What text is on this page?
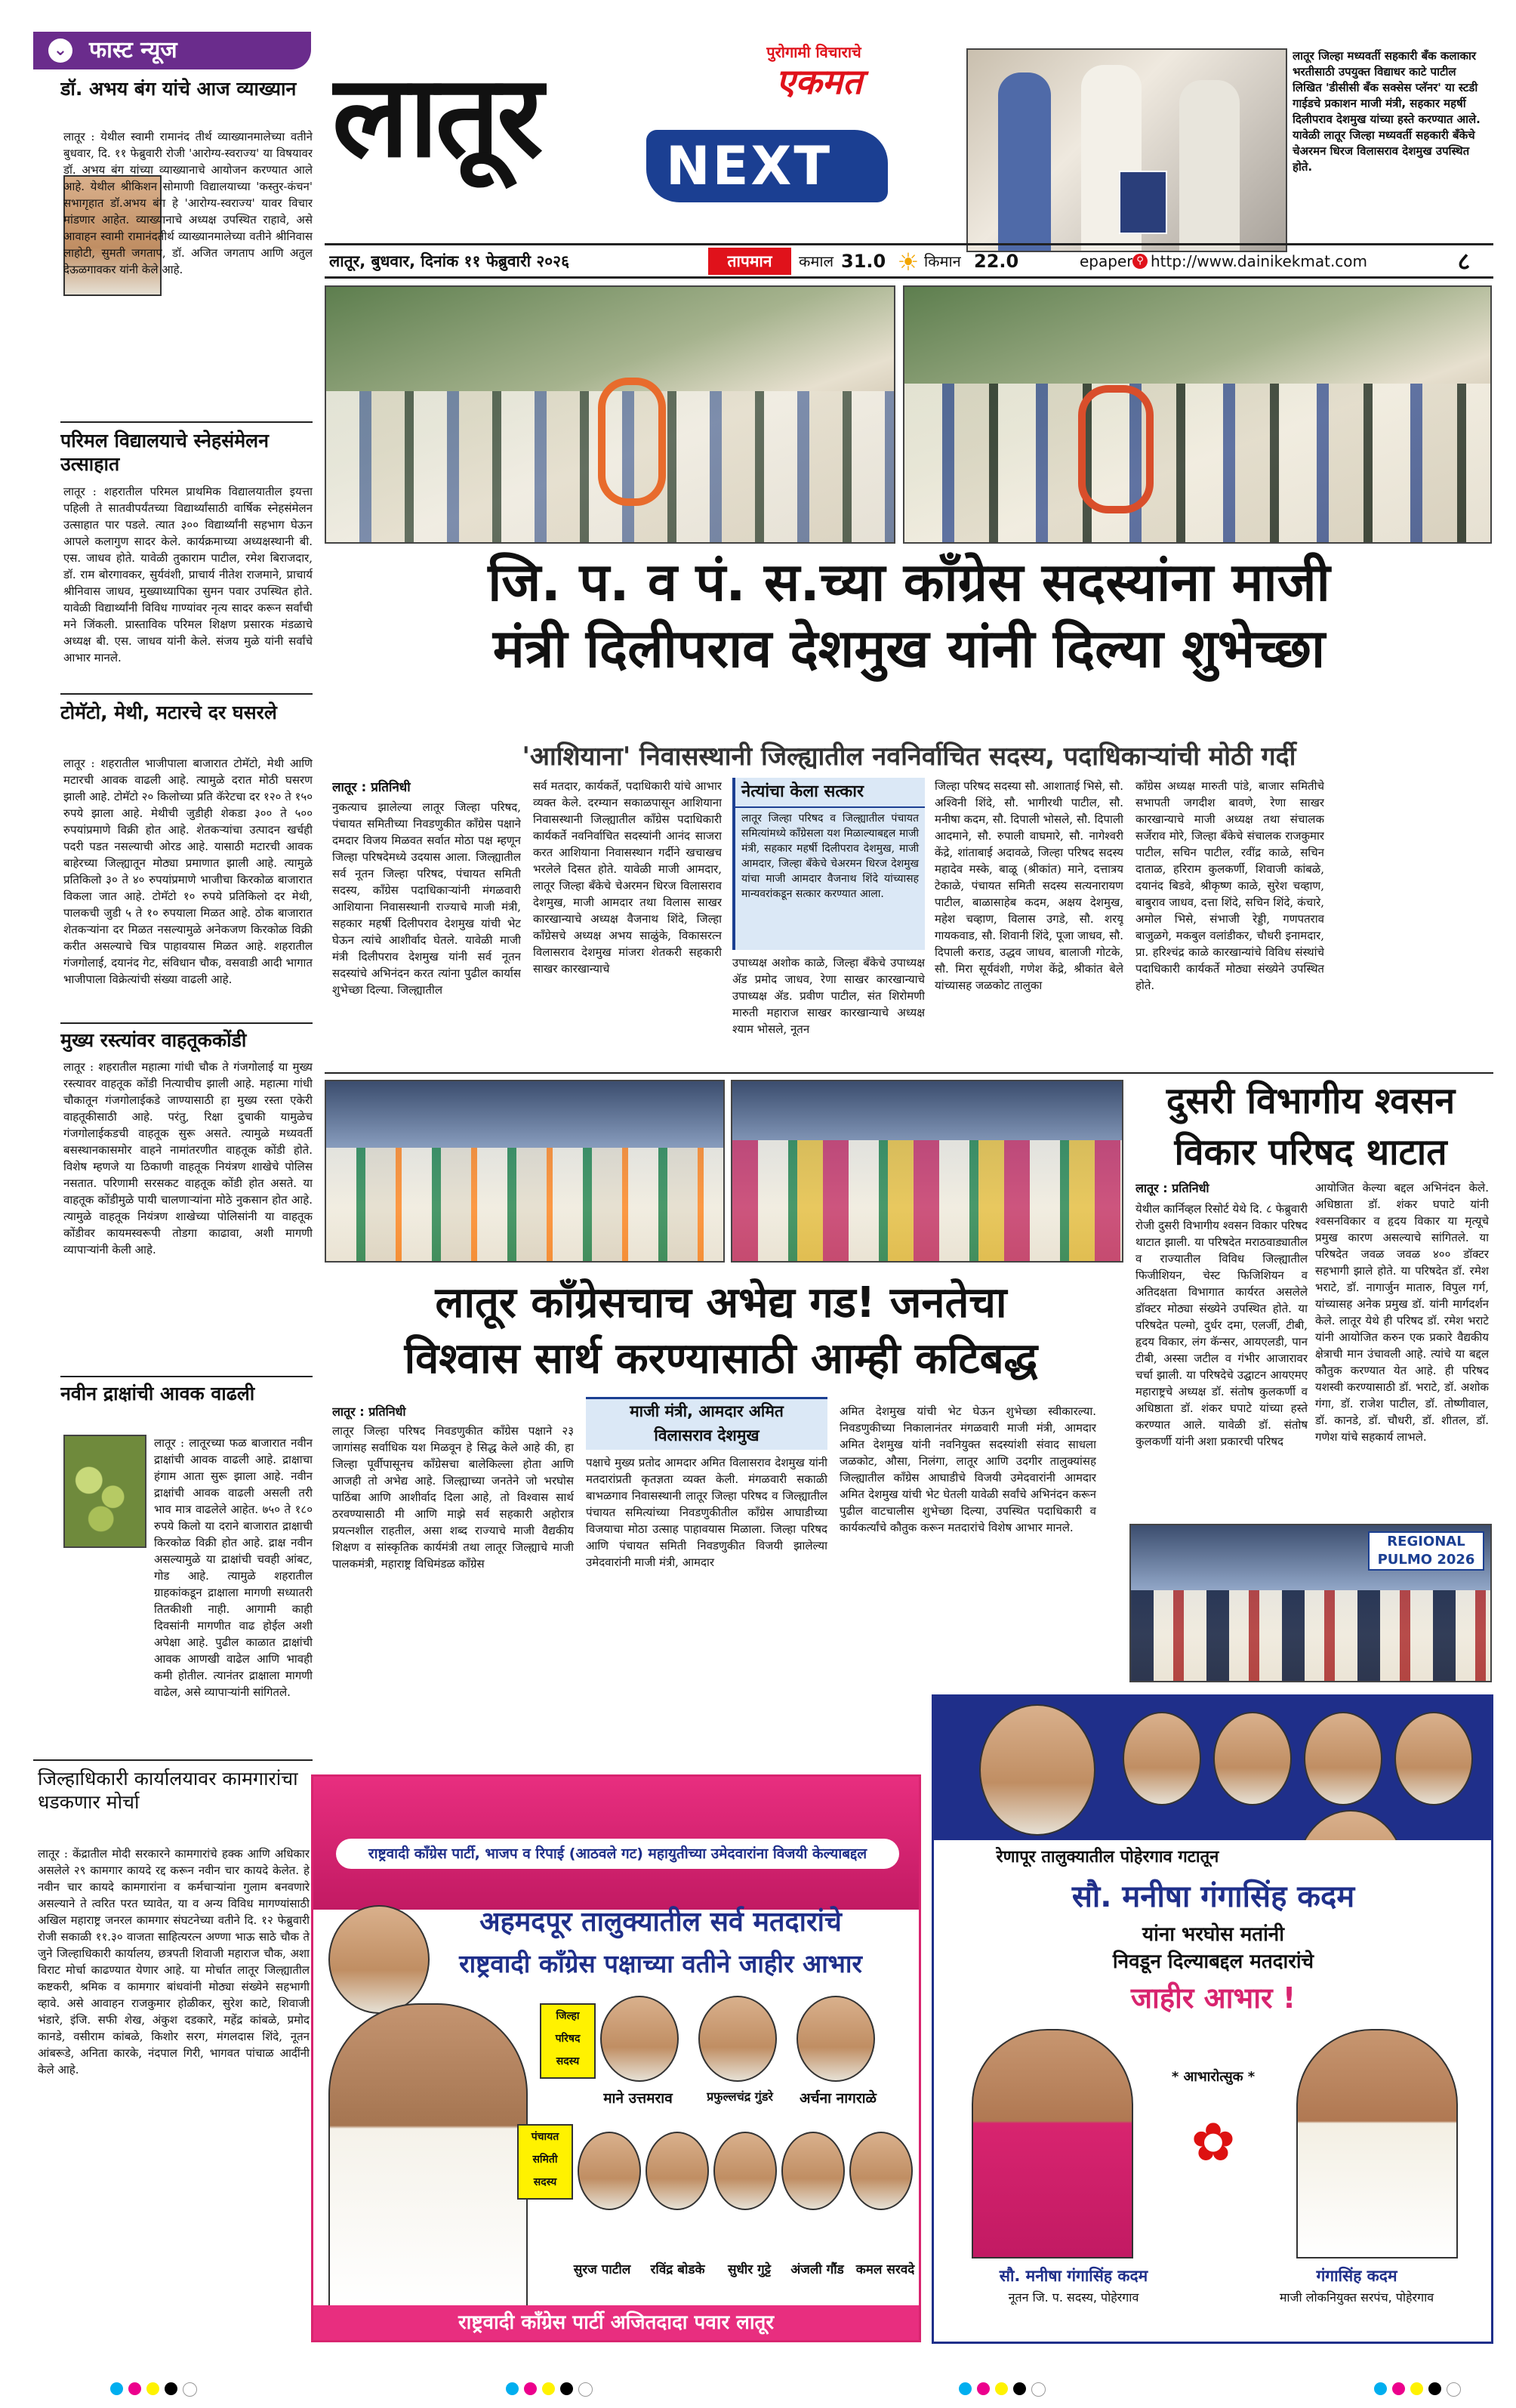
⌄ फास्ट न्यूज
डॉ. अभय बंग यांचे आज व्याख्यान
लातूर : येथील स्वामी रामानंद तीर्थ व्याख्यानमालेच्या वतीने बुधवार, दि. ११ फेब्रुवारी रोजी 'आरोग्य-स्वराज्य' या विषयावर डॉ. अभय बंग यांच्या व्याख्यानाचे आयोजन करण्यात आले आहे. येथील श्रीकिशन सोमाणी विद्यालयाच्या 'कस्तुर-कंचन' सभागृहात डॉ.अभय बंग हे 'आरोग्य-स्वराज्य' यावर विचार मांडणार आहेत. व्याख्यानाचे अध्यक्ष उपस्थित राहावे, असे आवाहन स्वामी रामानंदतीर्थ व्याख्यानमालेच्या वतीने श्रीनिवास लाहोटी, सुमती जगताप, डॉ. अजित जगताप आणि अतुल देऊळगावकर यांनी केले आहे.
परिमल विद्यालयाचे स्नेहसंमेलन उत्साहात
लातूर : शहरातील परिमल प्राथमिक विद्यालयातील इयत्ता पहिली ते सातवीपर्यंतच्या विद्यार्थ्यांसाठी वार्षिक स्नेहसंमेलन उत्साहात पार पडले. त्यात ३०० विद्यार्थ्यांनी सहभाग घेऊन आपले कलागुण सादर केले. कार्यक्रमाच्या अध्यक्षस्थानी बी. एस. जाधव होते. यावेळी तुकाराम पाटील, रमेश बिराजदार, डॉ. राम बोरगावकर, सुर्यवंशी, प्राचार्य नीतेश राजमाने, प्राचार्य श्रीनिवास जाधव, मुख्याध्यापिका सुमन पवार उपस्थित होते. यावेळी विद्यार्थ्यांनी विविध गाण्यांवर नृत्य सादर करून सर्वांची मने जिंकली. प्रास्ताविक परिमल शिक्षण प्रसारक मंडळाचे अध्यक्ष बी. एस. जाधव यांनी केले. संजय मुळे यांनी सर्वांचे आभार मानले.
टोमॅटो, मेथी, मटारचे दर घसरले
लातूर : शहरातील भाजीपाला बाजारात टोमॅटो, मेथी आणि मटारची आवक वाढली आहे. त्यामुळे दरात मोठी घसरण झाली आहे. टोमॅटो २० किलोच्या प्रति कॅरेटचा दर १२० ते १५० रुपये झाला आहे. मेथीची जुडीही शेकडा ३०० ते ५०० रुपयांप्रमाणे विक्री होत आहे. शेतकऱ्यांचा उत्पादन खर्चही पदरी पडत नसल्याची ओरड आहे. यासाठी मटारची आवक बाहेरच्या जिल्ह्यातून मोठ्या प्रमाणात झाली आहे. त्यामुळे प्रतिकिलो ३० ते ४० रुपयांप्रमाणे भाजीचा किरकोळ बाजारात विकला जात आहे. टोमॅटो १० रुपये प्रतिकिलो दर मेथी, पालकची जुडी ५ ते १० रुपयाला मिळत आहे. ठोक बाजारात शेतकऱ्यांना दर मिळत नसल्यामुळे अनेकजण किरकोळ विक्री करीत असल्याचे चित्र पाहावयास मिळत आहे. शहरातील गंजगोलाई, दयानंद गेट, संविधान चौक, वसवाडी आदी भागात भाजीपाला विक्रेत्यांची संख्या वाढली आहे.
मुख्य रस्त्यांवर वाहतूककोंडी
लातूर : शहरातील महात्मा गांधी चौक ते गंजगोलाई या मुख्य रस्त्यावर वाहतूक कोंडी नित्याचीच झाली आहे. महात्मा गांधी चौकातून गंजगोलाईकडे जाण्यासाठी हा मुख्य रस्ता एकेरी वाहतूकीसाठी आहे. परंतु, रिक्षा दुचाकी यामुळेच गंजगोलाईकडची वाहतूक सुरू असते. त्यामुळे मध्यवर्ती बसस्थानकासमोर वाहने नामांतरणीत वाहतूक कोंडी होते. विशेष म्हणजे या ठिकाणी वाहतूक नियंत्रण शाखेचे पोलिस नसतात. परिणामी सरसकट वाहतूक कोंडी होत असते. या वाहतूक कोंडीमुळे पायी चालणाऱ्यांना मोठे नुकसान होत आहे. त्यामुळे वाहतूक नियंत्रण शाखेच्या पोलिसांनी या वाहतूक कोंडीवर कायमस्वरूपी तोडगा काढावा, अशी मागणी व्यापाऱ्यांनी केली आहे.
नवीन द्राक्षांची आवक वाढली
लातूर : लातूरच्या फळ बाजारात नवीन द्राक्षांची आवक वाढली आहे. द्राक्षाचा हंगाम आता सुरू झाला आहे. नवीन द्राक्षांची आवक वाढली असली तरी भाव मात्र वाढलेले आहेत. ७५० ते १८० रुपये किलो या दराने बाजारात द्राक्षाची किरकोळ विक्री होत आहे. द्राक्ष नवीन असल्यामुळे या द्राक्षांची चवही आंबट, गोड आहे. त्यामुळे शहरातील ग्राहकांकडून द्राक्षाला मागणी सध्यातरी तितकीशी नाही. आगामी काही दिवसांनी मागणीत वाढ होईल अशी अपेक्षा आहे. पुढील काळात द्राक्षांची आवक आणखी वाढेल आणि भावही कमी होतील. त्यानंतर द्राक्षाला मागणी वाढेल, असे व्यापाऱ्यांनी सांगितले.
जिल्हाधिकारी कार्यालयावर कामगारांचा धडकणार मोर्चा
लातूर : केंद्रातील मोदी सरकारने कामगारांचे हक्क आणि अधिकार असलेले २९ कामगार कायदे रद्द करून नवीन चार कायदे केलेत. हे नवीन चार कायदे कामगारांना व कर्मचाऱ्यांना गुलाम बनवणारे असल्याने ते त्वरित परत घ्यावेत, या व अन्य विविध मागण्यांसाठी अखिल महाराष्ट्र जनरल कामगार संघटनेच्या वतीने दि. १२ फेब्रुवारी रोजी सकाळी ११.३० वाजता साहित्यरत्न अण्णा भाऊ साठे चौक ते जुने जिल्हाधिकारी कार्यालय, छत्रपती शिवाजी महाराज चौक, अशा विराट मोर्चा काढण्यात येणार आहे. या मोर्चात लातूर जिल्ह्यातील कष्टकरी, श्रमिक व कामगार बांधवांनी मोठ्या संख्येने सहभागी व्हावे. असे आवाहन राजकुमार होळीकर, सुरेश काटे, शिवाजी भंडारे, इंजि. सफी शेख, अंकुश दडकारे, महेंद्र कांबळे, प्रमोद कानडे, वसीराम कांबळे, किशोर सरग, मंगलदास शिंदे, नूतन आंबरूडे, अनिता कारके, नंदपाल गिरी, भागवत पांचाळ आदींनी केले आहे.
लातूर	पुरोगामी विचाराचे
एकमत
NEXT
लातूर जिल्हा मध्यवर्ती सहकारी बँक कलाकार भरतीसाठी उपयुक्त विद्याधर काटे पाटील लिखित 'डीसीसी बँक सक्सेस प्लॅनर' या स्टडी गाईडचे प्रकाशन माजी मंत्री, सहकार महर्षी दिलीपराव देशमुख यांच्या हस्ते करण्यात आले. यावेळी लातूर जिल्हा मध्यवर्ती सहकारी बँकेचे चेअरमन धिरज विलासराव देशमुख उपस्थित होते.
लातूर, बुधवार, दिनांक ११ फेब्रुवारी २०२६	तापमान	कमाल 31.0 ☀ किमान 22.0	epaper ⚲ http://www.dainikekmat.com	८
जि. प. व पं. स.च्या काँग्रेस सदस्यांना माजी
मंत्री दिलीपराव देशमुख यांनी दिल्या शुभेच्छा
'आशियाना' निवासस्थानी जिल्ह्यातील नवनिर्वाचित सदस्य, पदाधिकाऱ्यांची मोठी गर्दी
लातूर : प्रतिनिधी
नुकत्याच झालेल्या लातूर जिल्हा परिषद, पंचायत समितीच्या निवडणुकीत काँग्रेस पक्षाने दमदार विजय मिळवत सर्वात मोठा पक्ष म्हणून जिल्हा परिषदेमध्ये उदयास आला. जिल्ह्यातील सर्व नूतन जिल्हा परिषद, पंचायत समिती सदस्य, काँग्रेस पदाधिकाऱ्यांनी मंगळवारी आशियाना निवासस्थानी राज्याचे माजी मंत्री, सहकार महर्षी दिलीपराव देशमुख यांची भेट घेऊन त्यांचे आशीर्वाद घेतले. यावेळी माजी मंत्री दिलीपराव देशमुख यांनी सर्व नूतन सदस्यांचे अभिनंदन करत त्यांना पुढील कार्यास शुभेच्छा दिल्या. जिल्ह्यातील
सर्व मतदार, कार्यकर्ते, पदाधिकारी यांचे आभार व्यक्त केले. दरम्यान सकाळपासून आशियाना निवासस्थानी जिल्ह्यातील काँग्रेस पदाधिकारी कार्यकर्ते नवनिर्वाचित सदस्यांनी आनंद साजरा करत आशियाना निवासस्थान गर्दीने खचाखच भरलेले दिसत होते. यावेळी माजी आमदार, लातूर जिल्हा बँकेचे चेअरमन धिरज विलासराव देशमुख, माजी आमदार तथा विलास साखर कारखान्याचे अध्यक्ष वैजनाथ शिंदे, जिल्हा काँग्रेसचे अध्यक्ष अभय साळुंके, विकासरत्न विलासराव देशमुख मांजरा शेतकरी सहकारी साखर कारखान्याचे
नेत्यांचा केला सत्कार
लातूर जिल्हा परिषद व जिल्ह्यातील पंचायत समित्यांमध्ये काँग्रेसला यश मिळाल्याबद्दल माजी मंत्री, सहकार महर्षी दिलीपराव देशमुख, माजी आमदार, जिल्हा बँकेचे चेअरमन धिरज देशमुख यांचा माजी आमदार वैजनाथ शिंदे यांच्यासह मान्यवरांकडून सत्कार करण्यात आला.
उपाध्यक्ष अशोक काळे, जिल्हा बँकेचे उपाध्यक्ष ॲड प्रमोद जाधव, रेणा साखर कारखान्याचे उपाध्यक्ष ॲड. प्रवीण पाटील, संत शिरोमणी मारुती महाराज साखर कारखान्याचे अध्यक्ष श्याम भोसले, नूतन
जिल्हा परिषद सदस्या सौ. आशाताई भिसे, सौ. अश्विनी शिंदे, सौ. भागीरथी पाटील, सौ. मनीषा कदम, सौ. दिपाली भोसले, सौ. दिपाली आदमाने, सौ. रुपाली वाघमारे, सौ. नागेश्वरी केंद्रे, शांताबाई अदावळे, जिल्हा परिषद सदस्य महादेव मस्के, बाळू (श्रीकांत) माने, दत्तात्रय टेकाळे, पंचायत समिती सदस्य सत्यनारायण पाटील, बाळासाहेब कदम, अक्षय देशमुख, महेश चव्हाण, विलास उगडे, सौ. शरयू गायकवाड, सौ. शिवानी शिंदे, पूजा जाधव, सौ. दिपाली कराड, उद्धव जाधव, बालाजी गोटके, सौ. मिरा सूर्यवंशी, गणेश केंद्रे, श्रीकांत बेले यांच्यासह जळकोट तालुका
काँग्रेस अध्यक्ष मारुती पांडे, बाजार समितीचे सभापती जगदीश बावणे, रेणा साखर कारखान्याचे माजी अध्यक्ष तथा संचालक सर्जेराव मोरे, जिल्हा बँकेचे संचालक राजकुमार पाटील, सचिन पाटील, रवींद्र काळे, सचिन दाताळ, हरिराम कुलकर्णी, शिवाजी कांबळे, दयानंद बिडवे, श्रीकृष्ण काळे, सुरेश चव्हाण, बाबुराव जाधव, दत्ता शिंदे, सचिन शिंदे, कंचारे, अमोल भिसे, संभाजी रेड्डी, गणपतराव बाजुळगे, मकबुल वलांडीकर, चौधरी इनामदार, प्रा. हरिश्चंद्र काळे कारखान्यांचे विविध संस्थांचे पदाधिकारी कार्यकर्ते मोठ्या संख्येने उपस्थित होते.
लातूर काँग्रेसचाच अभेद्य गड! जनतेचा
विश्वास सार्थ करण्यासाठी आम्ही कटिबद्ध
लातूर : प्रतिनिधी
लातूर जिल्हा परिषद निवडणुकीत काँग्रेस पक्षाने २३ जागांसह सर्वाधिक यश मिळवून हे सिद्ध केले आहे की, हा जिल्हा पूर्वीपासूनच काँग्रेसचा बालेकिल्ला होता आणि आजही तो अभेद्य आहे. जिल्ह्याच्या जनतेने जो भरघोस पाठिंबा आणि आशीर्वाद दिला आहे, तो विश्वास सार्थ ठरवण्यासाठी मी आणि माझे सर्व सहकारी अहोरात्र प्रयत्नशील राहतील, असा शब्द राज्याचे माजी वैद्यकीय शिक्षण व सांस्कृतिक कार्यमंत्री तथा लातूर जिल्ह्याचे माजी पालकमंत्री, महाराष्ट्र विधिमंडळ काँग्रेस
माजी मंत्री, आमदार अमित
विलासराव देशमुख
पक्षाचे मुख्य प्रतोद आमदार अमित विलासराव देशमुख यांनी मतदारांप्रती कृतज्ञता व्यक्त केली. मंगळवारी सकाळी बाभळगाव निवासस्थानी लातूर जिल्हा परिषद व जिल्ह्यातील पंचायत समित्यांच्या निवडणुकीतील काँग्रेस आघाडीच्या विजयाचा मोठा उत्साह पाहावयास मिळाला. जिल्हा परिषद आणि पंचायत समिती निवडणुकीत विजयी झालेल्या उमेदवारांनी माजी मंत्री, आमदार
अमित देशमुख यांची भेट घेऊन शुभेच्छा स्वीकारल्या. निवडणुकीच्या निकालानंतर मंगळवारी माजी मंत्री, आमदार अमित देशमुख यांनी नवनियुक्त सदस्यांशी संवाद साधला जळकोट, औसा, निलंगा, लातूर आणि उदगीर तालुक्यांसह जिल्ह्यातील काँग्रेस आघाडीचे विजयी उमेदवारांनी आमदार अमित देशमुख यांची भेट घेतली यावेळी सर्वांचे अभिनंदन करून पुढील वाटचालीस शुभेच्छा दिल्या, उपस्थित पदाधिकारी व कार्यकर्त्यांचे कौतुक करून मतदारांचे विशेष आभार मानले.
दुसरी विभागीय श्वसन
विकार परिषद थाटात
लातूर : प्रतिनिधी
येथील कार्निव्हल रिसोर्ट येथे दि. ८ फेब्रुवारी रोजी दुसरी विभागीय श्वसन विकार परिषद थाटात झाली. या परिषदेत मराठवाड्यातील व राज्यातील विविध जिल्ह्यातील फिजीशियन, चेस्ट फिजिशियन व अतिदक्षता विभागात कार्यरत असलेले डॉक्टर मोठ्या संख्येने उपस्थित होते. या परिषदेत पल्मो, दुर्धर दमा, एलर्जी, टीबी, हृदय विकार, लंग कॅन्सर, आयएलडी, पान टीबी, अस्सा जटील व गंभीर आजारावर चर्चा झाली. या परिषदेचे उद्घाटन आयएमए महाराष्ट्रचे अध्यक्ष डॉ. संतोष कुलकर्णी व अधिष्ठाता डॉ. शंकर घपाटे यांच्या हस्ते करण्यात आले. यावेळी डॉ. संतोष कुलकर्णी यांनी अशा प्रकारची परिषद
आयोजित केल्या बद्दल अभिनंदन केले. अधिष्ठाता डॉ. शंकर घपाटे यांनी श्वसनविकार व हृदय विकार या मृत्यूचे प्रमुख कारण असल्याचे सांगितले. या परिषदेत जवळ जवळ ४०० डॉक्टर सहभागी झाले होते. या परिषदेत डॉ. रमेश भराटे, डॉ. नागार्जुन मातारु, विपुल गर्ग, यांच्यासह अनेक प्रमुख डॉ. यांनी मार्गदर्शन केले. लातूर येथे ही परिषद डॉ. रमेश भराटे यांनी आयोजित करुन एक प्रकारे वैद्यकीय क्षेत्राची मान उंचावली आहे. त्यांचे या बद्दल कौतुक करण्यात येत आहे. ही परिषद यशस्वी करण्यासाठी डॉ. भराटे, डॉ. अशोक गंगा, डॉ. राजेश पाटील, डॉ. तोष्णीवाल, डॉ. कानडे, डॉ. चौधरी, डॉ. शीतल, डॉ. गणेश यांचे सहकार्य लाभले.
REGIONAL PULMO 2026
राष्ट्रवादी काँग्रेस पार्टी, भाजप व रिपाई (आठवले गट) महायुतीच्या उमेदवारांना विजयी केल्याबद्दल
अहमदपूर तालुक्यातील सर्व मतदारांचे
राष्ट्रवादी काँग्रेस पक्षाच्या वतीने जाहीर आभार
जिल्हा
परिषद
सदस्य
माने उत्तमराव	प्रफुल्लचंद्र गुंडरे	अर्चना नागराळे
पंचायत
समिती
सदस्य
सुरज पाटील	रविंद्र बोडके	सुधीर गुट्टे	अंजली गौंड कमल सरवदे
राष्ट्रवादी काँग्रेस पार्टी अजितदादा पवार लातूर
रेणापूर तालुक्यातील पोहेरगाव गटातून
सौ. मनीषा गंगासिंह कदम
यांना भरघोस मतांनी
निवडून दिल्याबद्दल मतदारांचे
जाहीर आभार !
* आभारोत्सुक *
✿
सौ. मनीषा गंगासिंह कदम
नूतन जि. प. सदस्य, पोहेरगाव
गंगासिंह कदम
माजी लोकनियुक्त सरपंच, पोहेरगाव
